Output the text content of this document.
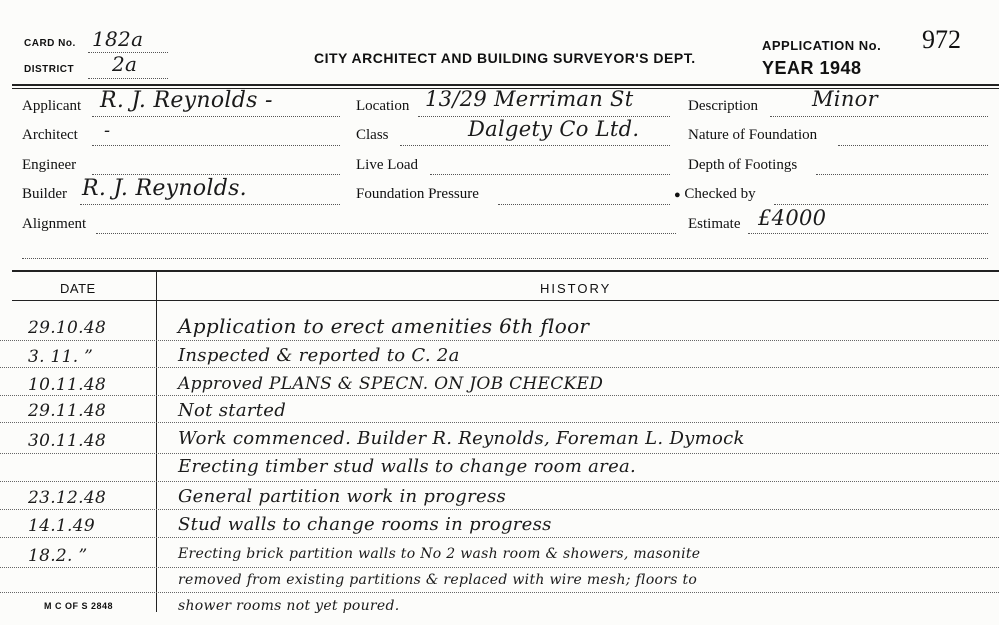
CARD No. 182a
DISTRICT 2a	CITY ARCHITECT AND BUILDING SURVEYOR'S DEPT.
APPLICATION No. 972
YEAR 1948
Applicant R. J. Reynolds -
Architect -
Engineer
Builder R. J. Reynolds.
Alignment
Location 13/29 Merriman St
Class	Dalgety Co Ltd.
Live Load
Foundation Pressure
Description	Minor
Nature of Foundation
Depth of Footings
● Checked by
Estimate £4000
DATE	HISTORY
29.10.48	Application to erect amenities 6th floor
3. 11. ”	Inspected & reported to C. 2a
10.11.48	Approved PLANS & SPECN. ON JOB CHECKED
29.11.48	Not started
30.11.48	Work commenced. Builder R. Reynolds, Foreman L. Dymock
Erecting timber stud walls to change room area.
23.12.48	General partition work in progress
14.1.49	Stud walls to change rooms in progress
18.2. ”	Erecting brick partition walls to No 2 wash room & showers, masonite
removed from existing partitions & replaced with wire mesh; floors to
shower rooms not yet poured.
M C OF S 2848
